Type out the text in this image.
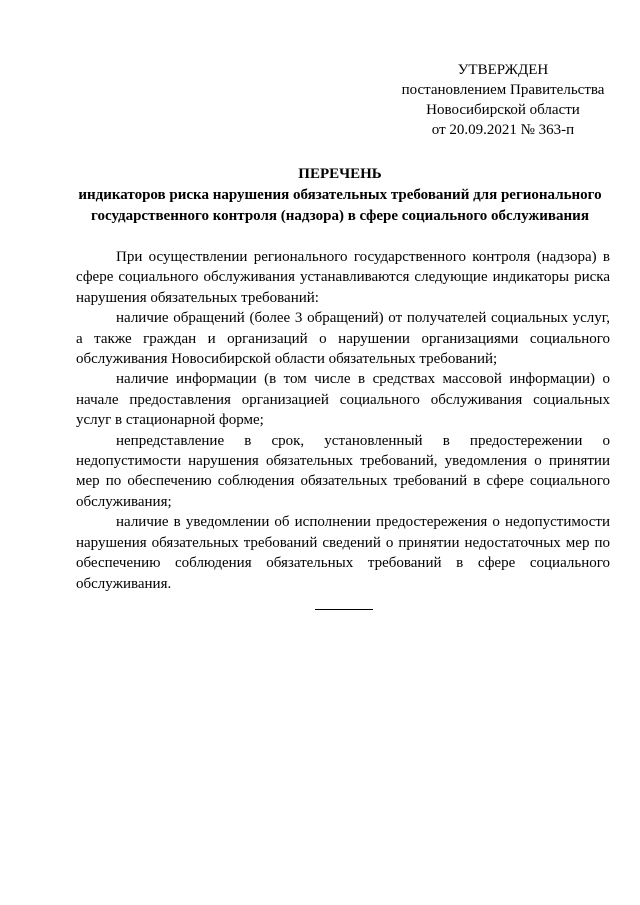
УТВЕРЖДЕН
постановлением Правительства
Новосибирской области
от 20.09.2021 № 363-п
ПЕРЕЧЕНЬ
индикаторов риска нарушения обязательных требований для регионального
государственного контроля (надзора) в сфере социального обслуживания

При осуществлении регионального государственного контроля (надзора) в сфере социального обслуживания устанавливаются следующие индикаторы риска нарушения обязательных требований:

наличие обращений (более 3 обращений) от получателей социальных услуг, а также граждан и организаций о нарушении организациями социального обслуживания Новосибирской области обязательных требований;

наличие информации (в том числе в средствах массовой информации) о начале предоставления организацией социального обслуживания социальных услуг в стационарной форме;

непредставление в срок, установленный в предостережении о недопустимости нарушения обязательных требований, уведомления о принятии мер по обеспечению соблюдения обязательных требований в сфере социального обслуживания;

наличие в уведомлении об исполнении предостережения о недопустимости нарушения обязательных требований сведений о принятии недостаточных мер по обеспечению соблюдения обязательных требований в сфере социального обслуживания.
